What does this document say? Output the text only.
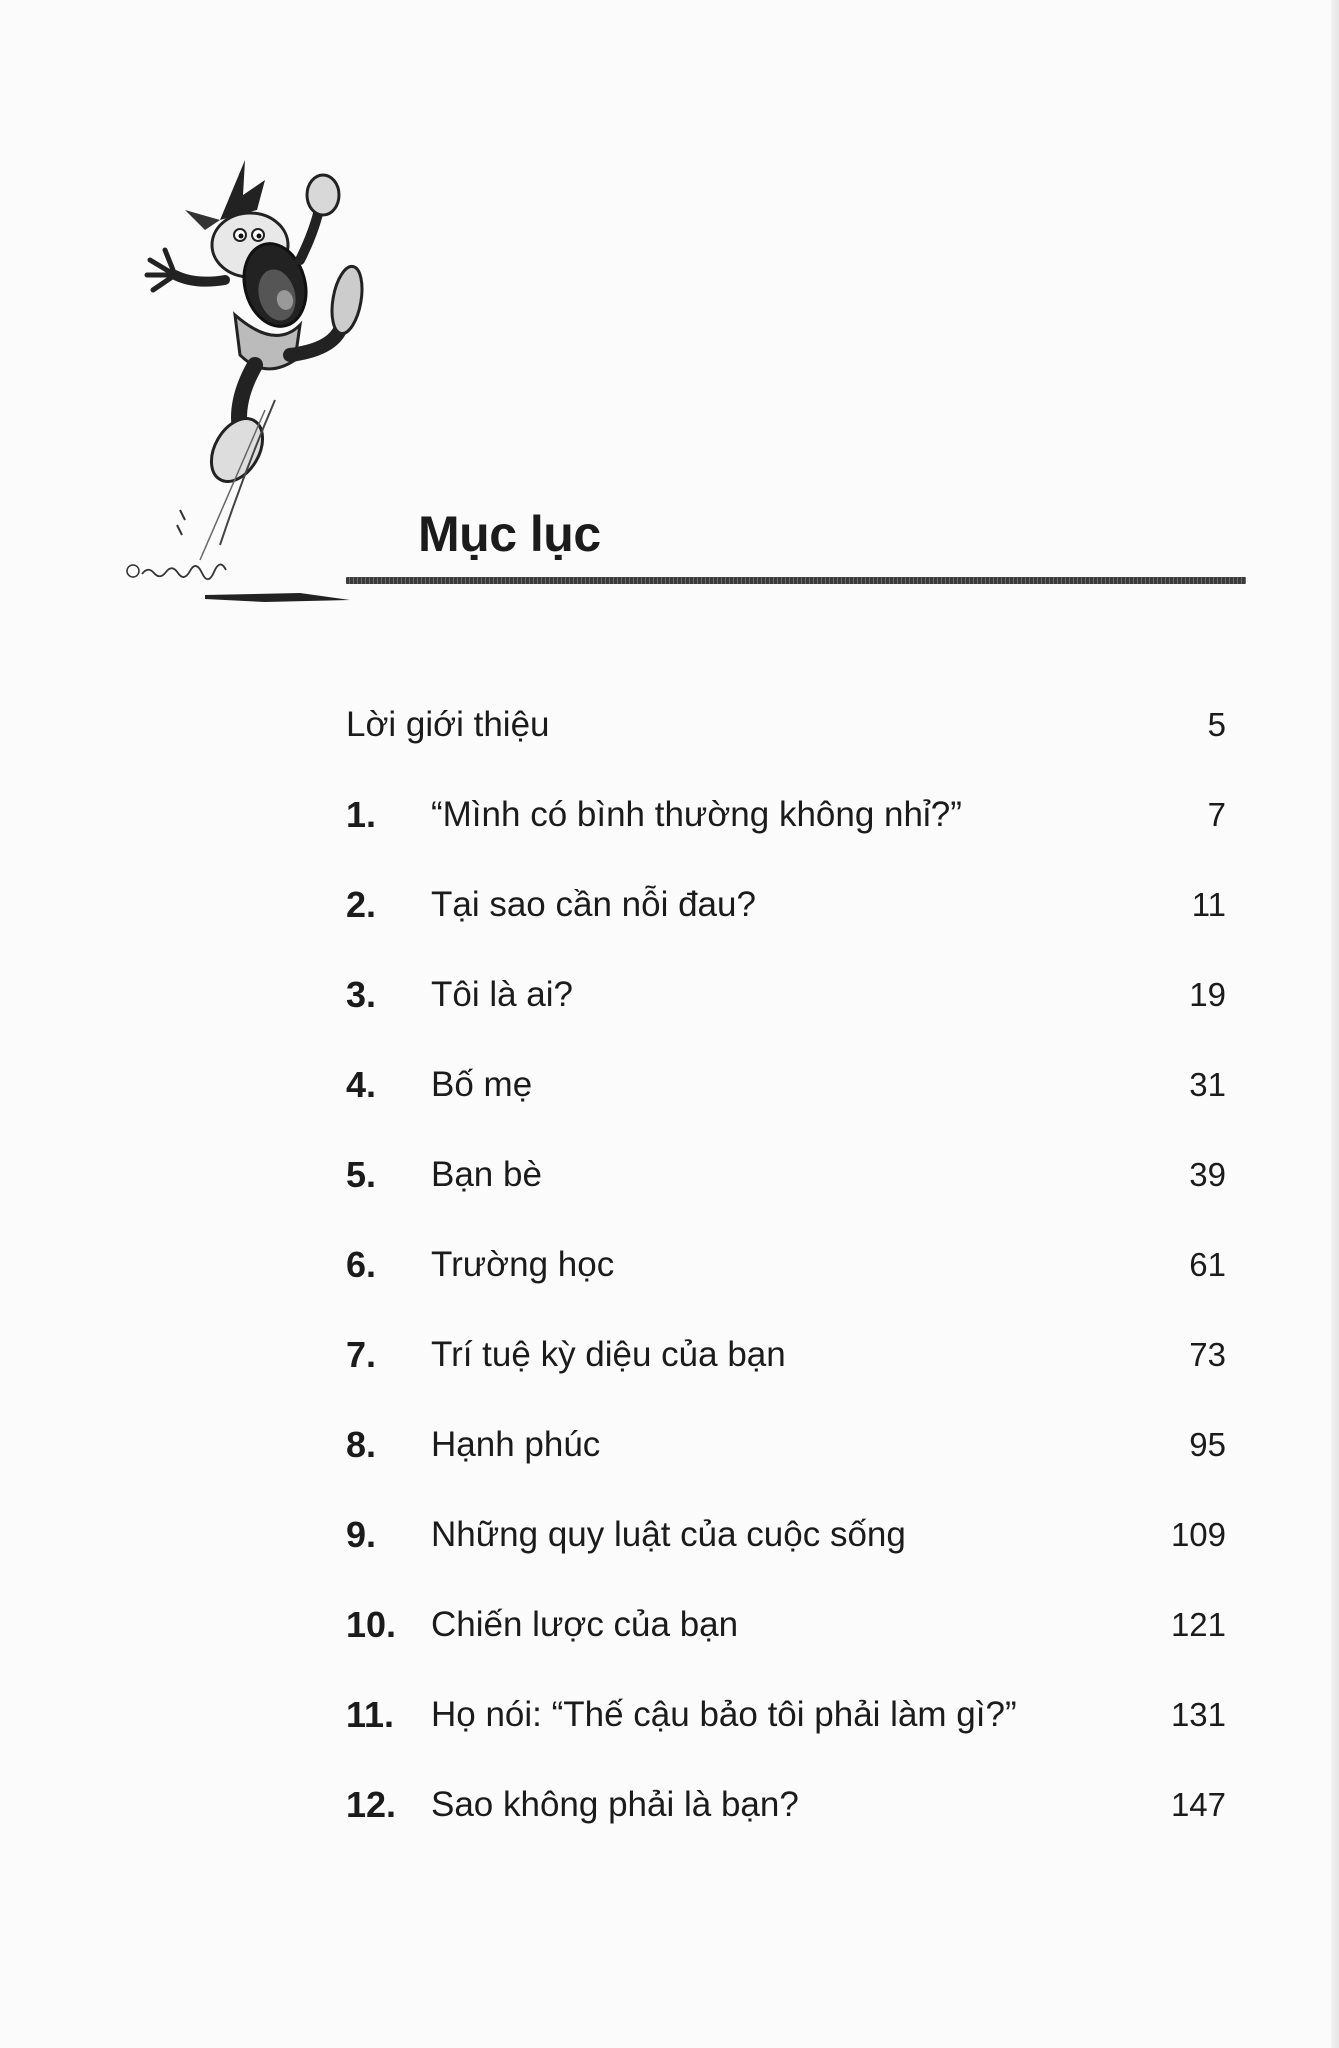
Mục lục
Lời giới thiệu	5
1. “Mình có bình thường không nhỉ?”	7
2. Tại sao cần nỗi đau?	11
3. Tôi là ai?	19
4. Bố mẹ	31
5. Bạn bè	39
6. Trường học	61
7. Trí tuệ kỳ diệu của bạn	73
8. Hạnh phúc	95
9. Những quy luật của cuộc sống	109
10. Chiến lược của bạn	121
11. Họ nói: “Thế cậu bảo tôi phải làm gì?”	131
12. Sao không phải là bạn?	147
